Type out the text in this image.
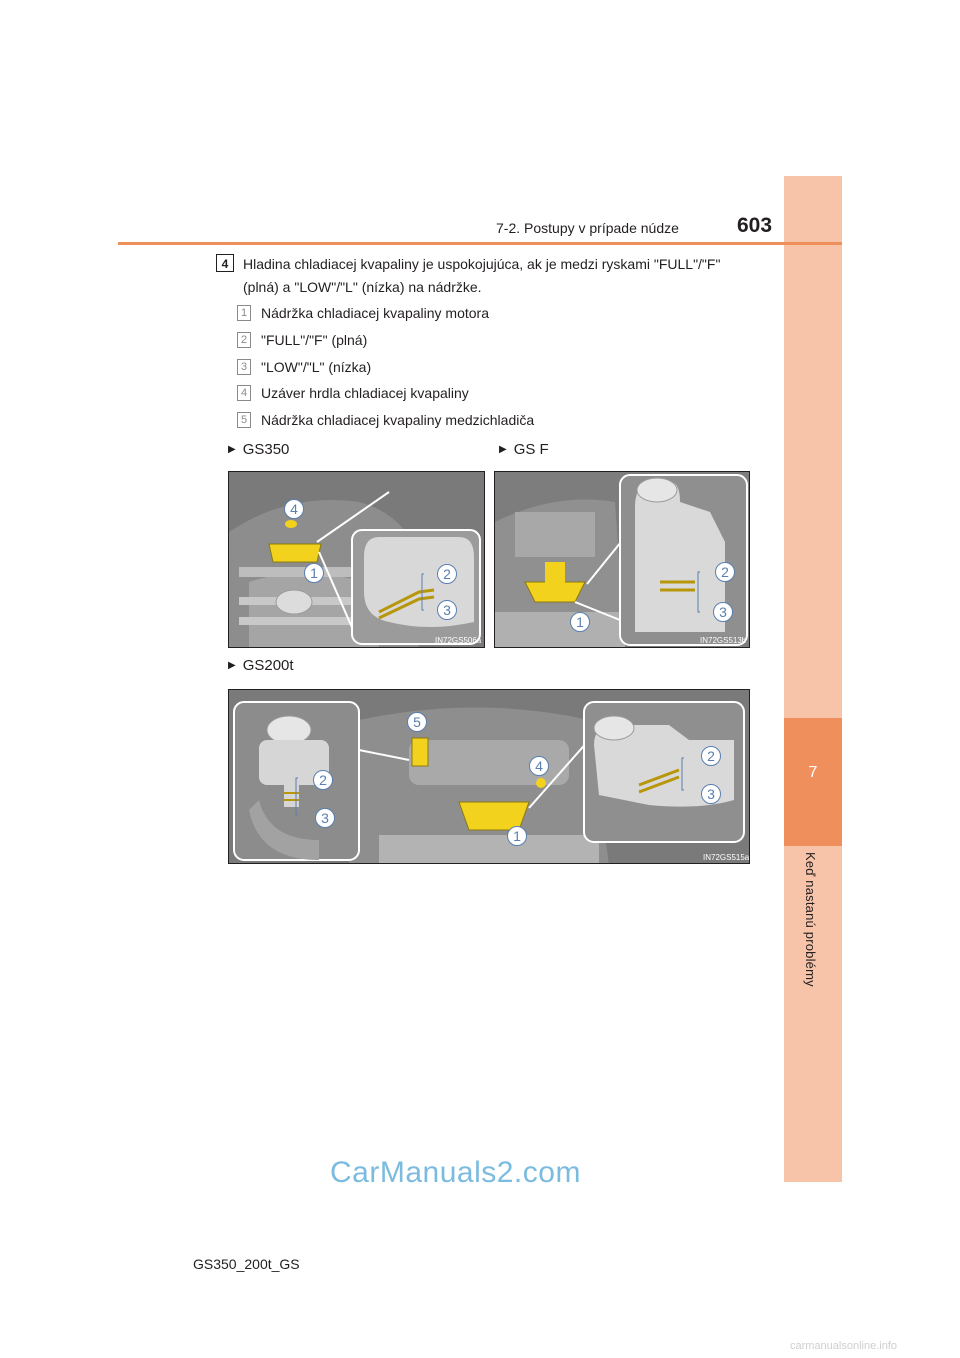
7
Keď nastanú problémy
7-2. Postupy v prípade núdze	603
4	Hladina chladiacej kvapaliny je uspokojujúca, ak je medzi ryskami "FULL"/"F" (plná) a "LOW"/"L" (nízka) na nádržke.
1 Nádržka chladiacej kvapaliny motora
2 "FULL"/"F" (plná)
3 "LOW"/"L" (nízka)
4 Uzáver hrdla chladiacej kvapaliny
5 Nádržka chladiacej kvapaliny medzichladiča
▶ GS350	▶ GS F
4
1	2
3
IN72GS506a
2
3
1
IN72GS513b
▶ GS200t
2
3
5
4
1
2
3
IN72GS515a
CarManuals2.com
GS350_200t_GS
carmanualsonline.info
